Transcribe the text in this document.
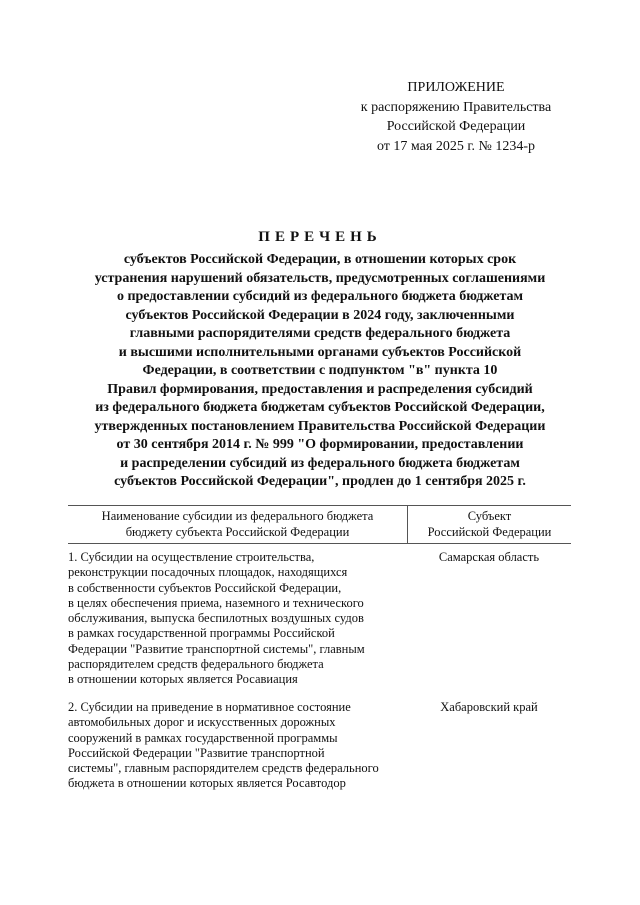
ПРИЛОЖЕНИЕ
к распоряжению Правительства
Российской Федерации
от 17 мая 2025 г. № 1234-р
ПЕРЕЧЕНЬ
субъектов Российской Федерации, в отношении которых срок
устранения нарушений обязательств, предусмотренных соглашениями
о предоставлении субсидий из федерального бюджета бюджетам
субъектов Российской Федерации в 2024 году, заключенными
главными распорядителями средств федерального бюджета
и высшими исполнительными органами субъектов Российской
Федерации, в соответствии с подпунктом "в" пункта 10
Правил формирования, предоставления и распределения субсидий
из федерального бюджета бюджетам субъектов Российской Федерации,
утвержденных постановлением Правительства Российской Федерации
от 30 сентября 2014 г. № 999 "О формировании, предоставлении
и распределении субсидий из федерального бюджета бюджетам
субъектов Российской Федерации", продлен до 1 сентября 2025 г.
Наименование субсидии из федерального бюджета
бюджету субъекта Российской Федерации
Субъект
Российской Федерации
1. Субсидии на осуществление строительства,
реконструкции посадочных площадок, находящихся
в собственности субъектов Российской Федерации,
в целях обеспечения приема, наземного и технического
обслуживания, выпуска беспилотных воздушных судов
в рамках государственной программы Российской
Федерации "Развитие транспортной системы", главным
распорядителем средств федерального бюджета
в отношении которых является Росавиация
Самарская область
2. Субсидии на приведение в нормативное состояние
автомобильных дорог и искусственных дорожных
сооружений в рамках государственной программы
Российской Федерации "Развитие транспортной
системы", главным распорядителем средств федерального
бюджета в отношении которых является Росавтодор
Хабаровский край
